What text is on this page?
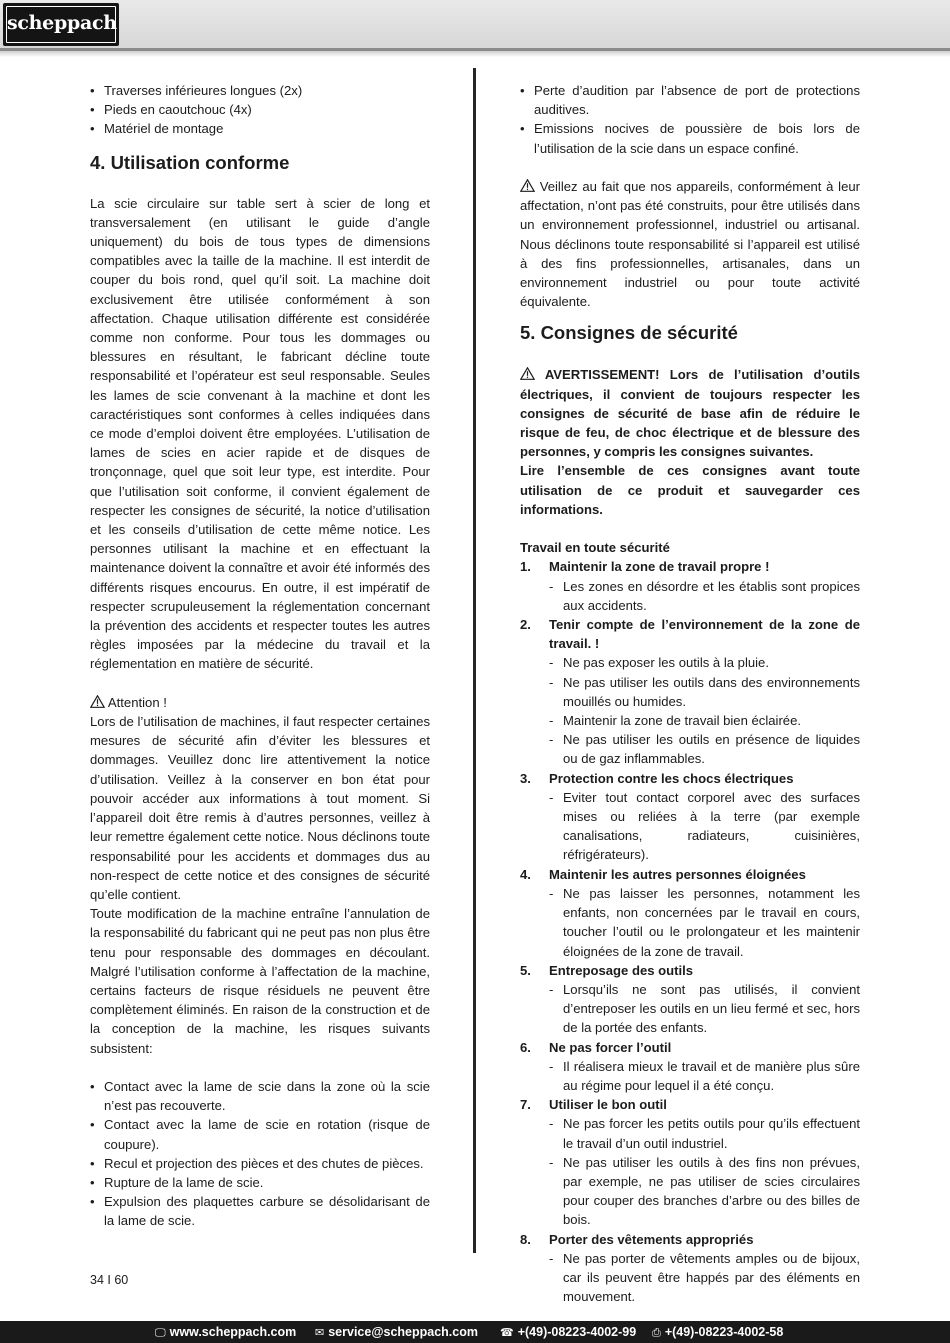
scheppach
• Traverses inférieures longues (2x)
• Pieds en caoutchouc (4x)
• Matériel de montage
4. Utilisation conforme

La scie circulaire sur table sert à scier de long et transversalement (en utilisant le guide d’angle uniquement) du bois de tous types de dimensions compatibles avec la taille de la machine. Il est interdit de couper du bois rond, quel qu’il soit. La machine doit exclusivement être utilisée conformément à son affectation. Chaque utilisation différente est considérée comme non conforme. Pour tous les dommages ou blessures en résultant, le fabricant décline toute responsabilité et l’opérateur est seul responsable. Seules les lames de scie convenant à la machine et dont les caractéristiques sont conformes à celles indiquées dans ce mode d’emploi doivent être employées. L’utilisation de lames de scies en acier rapide et de disques de tronçonnage, quel que soit leur type, est interdite. Pour que l’utilisation soit conforme, il convient également de respecter les consignes de sécurité, la notice d’utilisation et les conseils d’utilisation de cette même notice. Les personnes utilisant la machine et en effectuant la maintenance doivent la connaître et avoir été informés des différents risques encourus. En outre, il est impératif de respecter scrupuleusement la réglementation concernant la prévention des accidents et respecter toutes les autres règles imposées par la médecine du travail et la réglementation en matière de sécurité.

Attention !

Lors de l’utilisation de machines, il faut respecter certaines mesures de sécurité afin d’éviter les blessures et dommages. Veuillez donc lire attentivement la notice d’utilisation. Veillez à la conserver en bon état pour pouvoir accéder aux informations à tout moment. Si l’appareil doit être remis à d’autres personnes, veillez à leur remettre également cette notice. Nous déclinons toute responsabilité pour les accidents et dommages dus au non-respect de cette notice et des consignes de sécurité qu’elle contient.

Toute modification de la machine entraîne l’annulation de la responsabilité du fabricant qui ne peut pas non plus être tenu pour responsable des dommages en découlant. Malgré l’utilisation conforme à l’affectation de la machine, certains facteurs de risque résiduels ne peuvent être complètement éliminés. En raison de la construction et de la conception de la machine, les risques suivants subsistent:

• Contact avec la lame de scie dans la zone où la scie n’est pas recouverte.
• Contact avec la lame de scie en rotation (risque de coupure).
• Recul et projection des pièces et des chutes de pièces.
• Rupture de la lame de scie.
• Expulsion des plaquettes carbure se désolidarisant de la lame de scie.
• Perte d’audition par l’absence de port de protections auditives.
• Emissions nocives de poussière de bois lors de l’utilisation de la scie dans un espace confiné.

Veillez au fait que nos appareils, conformément à leur affectation, n’ont pas été construits, pour être utilisés dans un environnement professionnel, industriel ou artisanal. Nous déclinons toute responsabilité si l’appareil est utilisé à des fins professionnelles, artisanales, dans un environnement industriel ou pour toute activité équivalente.

5. Consignes de sécurité

AVERTISSEMENT! Lors de l’utilisation d’outils électriques, il convient de toujours respecter les consignes de sécurité de base afin de réduire le risque de feu, de choc électrique et de blessure des personnes, y compris les consignes suivantes.

Lire l’ensemble de ces consignes avant toute utilisation de ce produit et sauvegarder ces informations.

Travail en toute sécurité

1. Maintenir la zone de travail propre !
- Les zones en désordre et les établis sont propices aux accidents.
2. Tenir compte de l’environnement de la zone de travail. !
- Ne pas exposer les outils à la pluie.
- Ne pas utiliser les outils dans des environnements mouillés ou humides.
- Maintenir la zone de travail bien éclairée.
- Ne pas utiliser les outils en présence de liquides ou de gaz inflammables.
3. Protection contre les chocs électriques
- Eviter tout contact corporel avec des surfaces mises ou reliées à la terre (par exemple canalisations, radiateurs, cuisinières, réfrigérateurs).
4. Maintenir les autres personnes éloignées
- Ne pas laisser les personnes, notamment les enfants, non concernées par le travail en cours, toucher l’outil ou le prolongateur et les maintenir éloignées de la zone de travail.
5. Entreposage des outils
- Lorsqu’ils ne sont pas utilisés, il convient d’entreposer les outils en un lieu fermé et sec, hors de la portée des enfants.
6. Ne pas forcer l’outil
- Il réalisera mieux le travail et de manière plus sûre au régime pour lequel il a été conçu.
7. Utiliser le bon outil
- Ne pas forcer les petits outils pour qu’ils effectuent le travail d’un outil industriel.
- Ne pas utiliser les outils à des fins non prévues, par exemple, ne pas utiliser de scies circulaires pour couper des branches d’arbre ou des billes de bois.
8. Porter des vêtements appropriés
- Ne pas porter de vêtements amples ou de bijoux, car ils peuvent être happés par des éléments en mouvement.
34 I 60
🖵 www.scheppach.com ✉ service@scheppach.com ☎ +(49)-08223-4002-99 ⎙ +(49)-08223-4002-58
